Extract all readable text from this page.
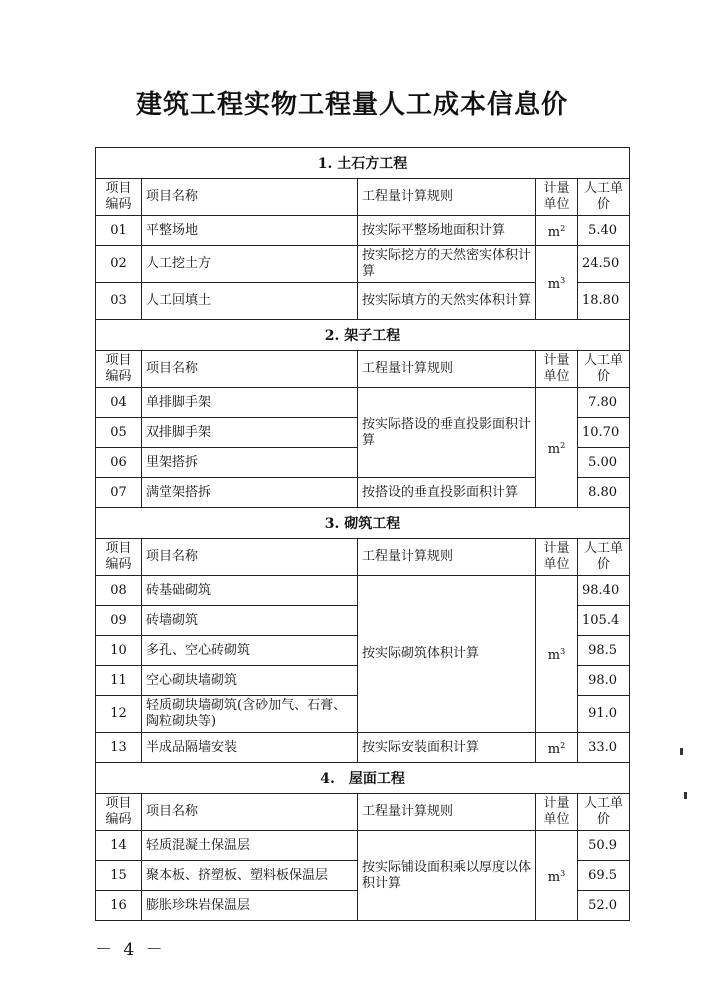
建筑工程实物工程量人工成本信息价
1. 土石方工程				
项目编码	项目名称	工程量计算规则	计量单位	人工单价
01	平整场地	按实际平整场地面积计算	$m^2$	5.40
02	人工挖土方	按实际挖方的天然密实体积计算	$m^3$	24.50
03	人工回填土	按实际填方的天然实体积计算		18.80
2. 架子工程				
项目编码	项目名称	工程量计算规则	计量单位	人工单价
04	单排脚手架	按实际搭设的垂直投影面积计算	$m^2$	7.80
05	双排脚手架			10.70
06	里架搭拆			5.00
07	满堂架搭拆	按搭设的垂直投影面积计算		8.80
3. 砌筑工程				
项目编码	项目名称	工程量计算规则	计量单位	人工单价
08	砖基础砌筑	按实际砌筑体积计算	$m^3$	98.40
09	砖墙砌筑			105.4
10	多孔、空心砖砌筑			98.5
11	空心砌块墙砌筑			98.0
12	轻质砌块墙砌筑(含砂加气、石膏、陶粒砌块等)			91.0
13	半成品隔墙安装	按实际安装面积计算	$m^2$	33.0
4.　屋面工程				
项目编码	项目名称	工程量计算规则	计量单位	人工单价
14	轻质混凝土保温层	按实际铺设面积乘以厚度以体积计算	$m^3$	50.9
15	聚本板、挤塑板、塑料板保温层			69.5
16	膨胀珍珠岩保温层			52.0
－ 4 －
